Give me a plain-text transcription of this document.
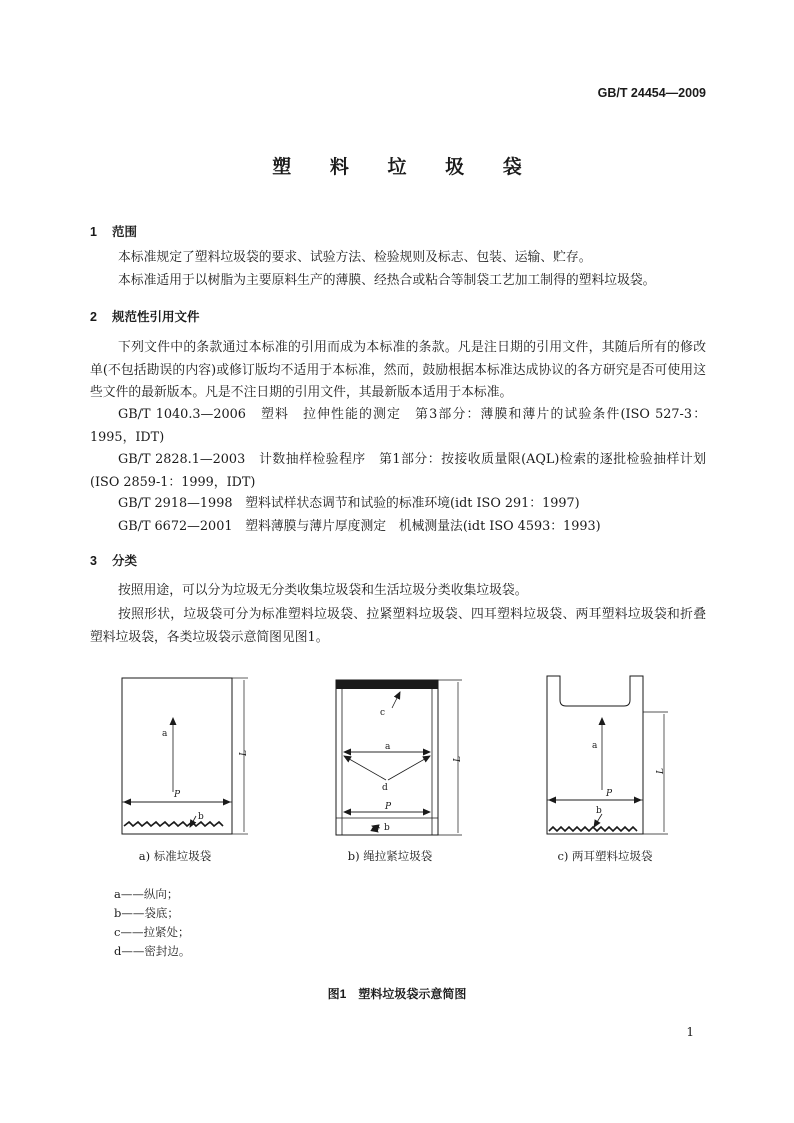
GB/T 24454—2009
塑 料 垃 圾 袋
1 范围

本标准规定了塑料垃圾袋的要求、试验方法、检验规则及标志、包装、运输、贮存。

本标准适用于以树脂为主要原料生产的薄膜、经热合或粘合等制袋工艺加工制得的塑料垃圾袋。

2 规范性引用文件

下列文件中的条款通过本标准的引用而成为本标准的条款。凡是注日期的引用文件，其随后所有的修改单(不包括勘误的内容)或修订版均不适用于本标准，然而，鼓励根据本标准达成协议的各方研究是否可使用这些文件的最新版本。凡是不注日期的引用文件，其最新版本适用于本标准。

GB/T 1040.3—2006　塑料　拉伸性能的测定　第3部分：薄膜和薄片的试验条件(ISO 527-3：1995，IDT)

GB/T 2828.1—2003　计数抽样检验程序　第1部分：按接收质量限(AQL)检索的逐批检验抽样计划(ISO 2859-1：1999，IDT)

GB/T 2918—1998　塑料试样状态调节和试验的标准环境(idt ISO 291：1997)

GB/T 6672—2001　塑料薄膜与薄片厚度测定　机械测量法(idt ISO 4593：1993)

3 分类

按照用途，可以分为垃圾无分类收集垃圾袋和生活垃圾分类收集垃圾袋。

按照形状，垃圾袋可分为标准塑料垃圾袋、拉紧塑料垃圾袋、四耳塑料垃圾袋、两耳塑料垃圾袋和折叠塑料垃圾袋，各类垃圾袋示意简图见图1。

a
P
b
L
a) 标准垃圾袋
c
a
d
P
b
L
b) 绳拉紧垃圾袋
a
P
b
L
c) 两耳塑料垃圾袋
a——纵向；
b——袋底；
c——拉紧处；
d——密封边。
图1　塑料垃圾袋示意简图
1
